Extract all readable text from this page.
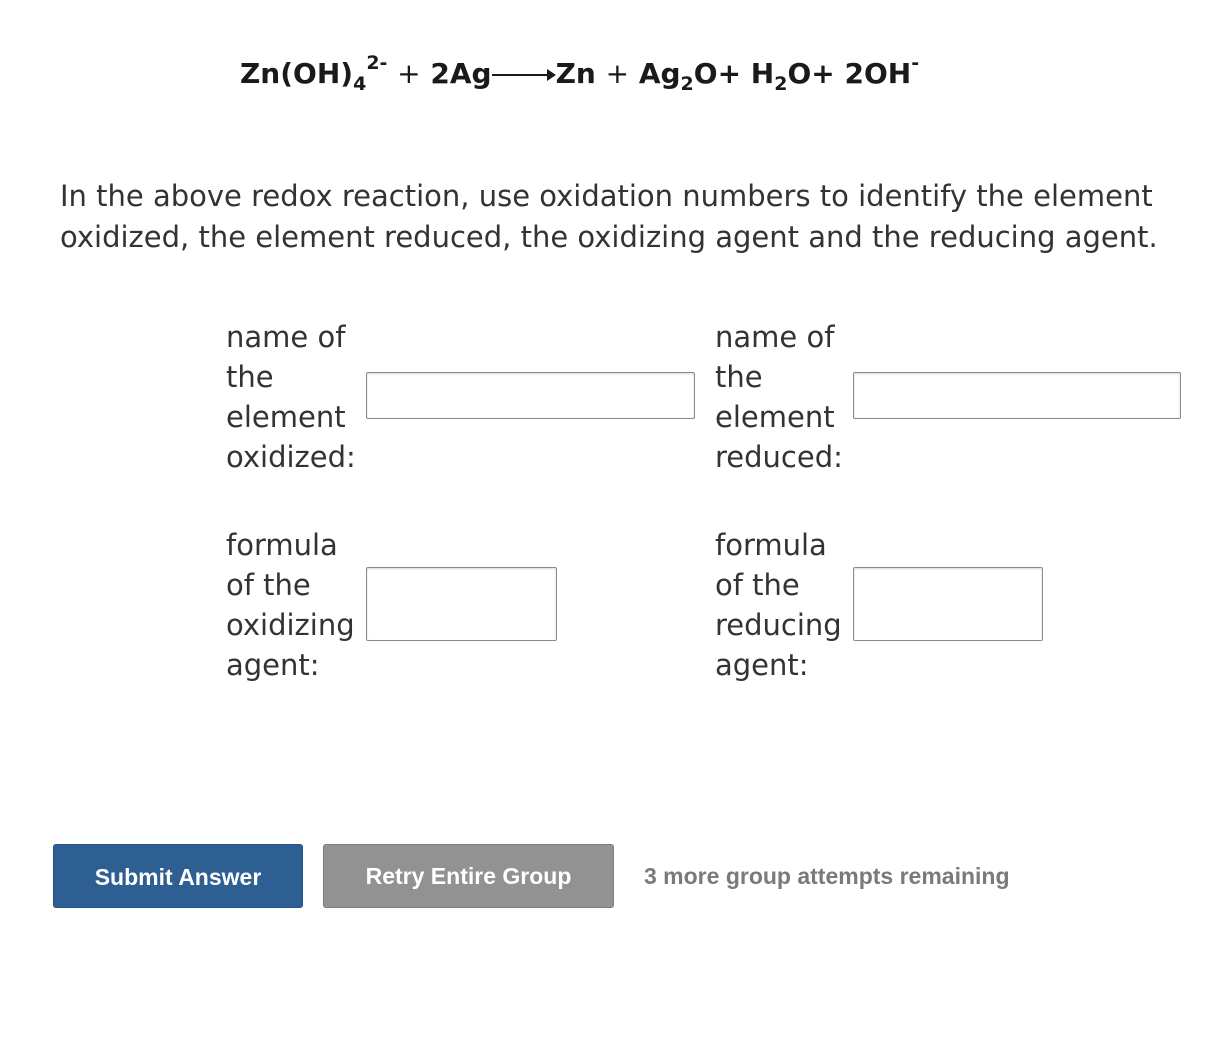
$Zn(OH)_4^{2-} + 2Ag$ $Zn + Ag_2O+ H_2O+ 2OH^-$
In the above redox reaction, use oxidation numbers to identify the element oxidized, the element reduced, the oxidizing agent and the reducing agent.
name of the element oxidized:
name of the element reduced:
formula of the oxidizing agent:
formula of the reducing agent:
Submit Answer	Retry Entire Group	3 more group attempts remaining
